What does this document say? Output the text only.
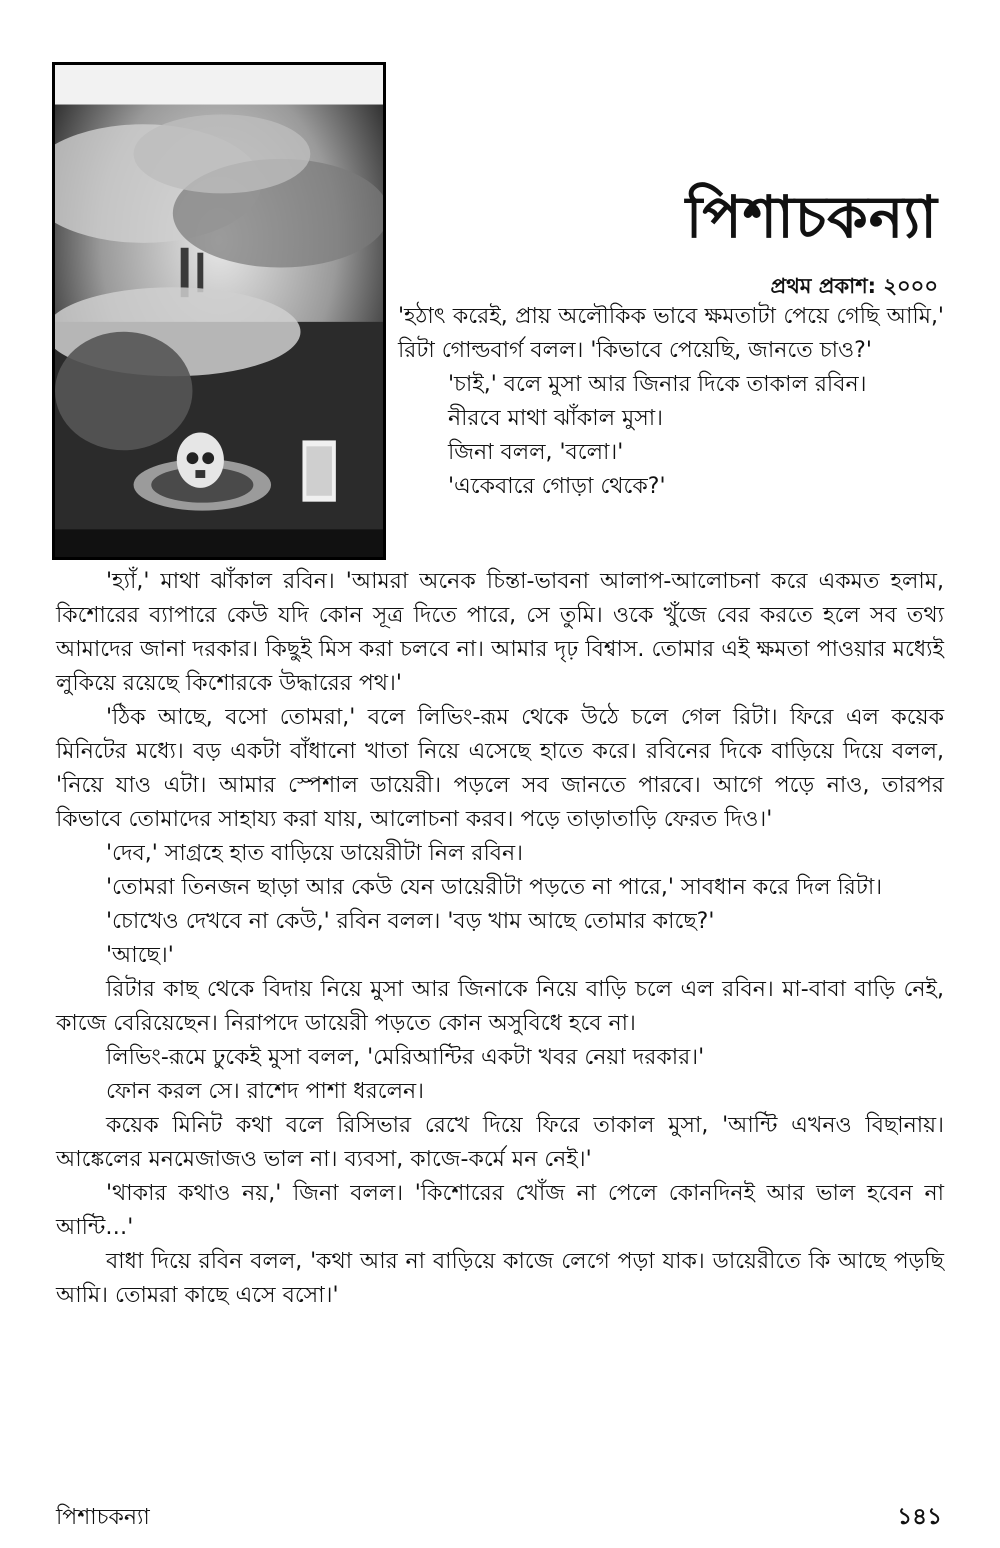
পিশাচকন্যা
প্রথম প্রকাশ: ২০০০

'হঠাৎ করেই, প্রায় অলৌকিক ভাবে ক্ষমতাটা পেয়ে গেছি আমি,' রিটা গোল্ডবার্গ বলল। 'কিভাবে পেয়েছি, জানতে চাও?'

'চাই,' বলে মুসা আর জিনার দিকে তাকাল রবিন।

নীরবে মাথা ঝাঁকাল মুসা।

জিনা বলল, 'বলো।'

'একেবারে গোড়া থেকে?'

'হ্যাঁ,' মাথা ঝাঁকাল রবিন। 'আমরা অনেক চিন্তা-ভাবনা আলাপ-আলোচনা করে একমত হলাম, কিশোরের ব্যাপারে কেউ যদি কোন সূত্র দিতে পারে, সে তুমি। ওকে খুঁজে বের করতে হলে সব তথ্য আমাদের জানা দরকার। কিছুই মিস করা চলবে না। আমার দৃঢ় বিশ্বাস. তোমার এই ক্ষমতা পাওয়ার মধ্যেই লুকিয়ে রয়েছে কিশোরকে উদ্ধারের পথ।'

'ঠিক আছে, বসো তোমরা,' বলে লিভিং-রূম থেকে উঠে চলে গেল রিটা। ফিরে এল কয়েক মিনিটের মধ্যে। বড় একটা বাঁধানো খাতা নিয়ে এসেছে হাতে করে। রবিনের দিকে বাড়িয়ে দিয়ে বলল, 'নিয়ে যাও এটা। আমার স্পেশাল ডায়েরী। পড়লে সব জানতে পারবে। আগে পড়ে নাও, তারপর কিভাবে তোমাদের সাহায্য করা যায়, আলোচনা করব। পড়ে তাড়াতাড়ি ফেরত দিও।'

'দেব,' সাগ্রহে হাত বাড়িয়ে ডায়েরীটা নিল রবিন।

'তোমরা তিনজন ছাড়া আর কেউ যেন ডায়েরীটা পড়তে না পারে,' সাবধান করে দিল রিটা।

'চোখেও দেখবে না কেউ,' রবিন বলল। 'বড় খাম আছে তোমার কাছে?'

'আছে।'

রিটার কাছ থেকে বিদায় নিয়ে মুসা আর জিনাকে নিয়ে বাড়ি চলে এল রবিন। মা-বাবা বাড়ি নেই, কাজে বেরিয়েছেন। নিরাপদে ডায়েরী পড়তে কোন অসুবিধে হবে না।

লিভিং-রূমে ঢুকেই মুসা বলল, 'মেরিআন্টির একটা খবর নেয়া দরকার।'

ফোন করল সে। রাশেদ পাশা ধরলেন।

কয়েক মিনিট কথা বলে রিসিভার রেখে দিয়ে ফিরে তাকাল মুসা, 'আন্টি এখনও বিছানায়। আঙ্কেলের মনমেজাজও ভাল না। ব্যবসা, কাজে-কর্মে মন নেই।'

'থাকার কথাও নয়,' জিনা বলল। 'কিশোরের খোঁজ না পেলে কোনদিনই আর ভাল হবেন না আন্টি…'

বাধা দিয়ে রবিন বলল, 'কথা আর না বাড়িয়ে কাজে লেগে পড়া যাক। ডায়েরীতে কি আছে পড়ছি আমি। তোমরা কাছে এসে বসো।'

পিশাচকন্যা	১৪১
